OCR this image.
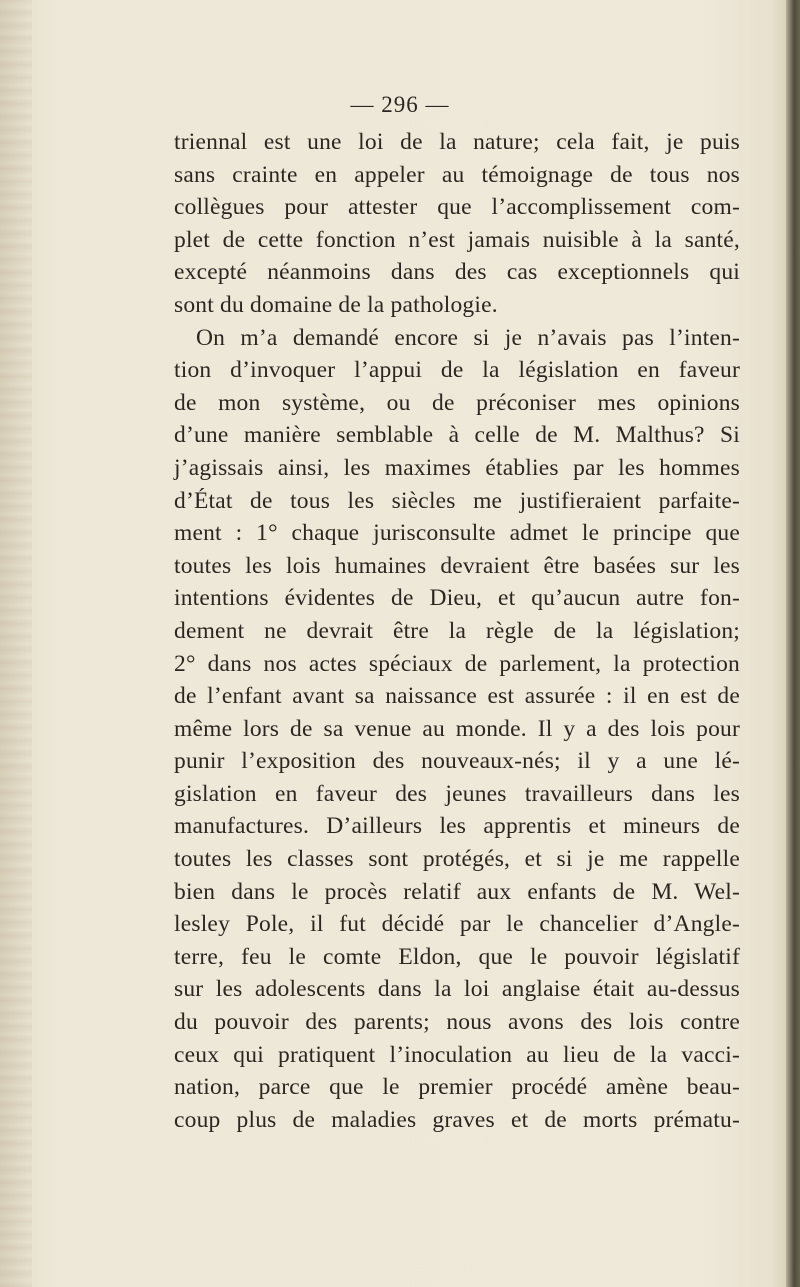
— 296 —
triennal est une loi de la nature; cela fait, je puis
sans crainte en appeler au témoignage de tous nos
collègues pour attester que l’accomplissement com-
plet de cette fonction n’est jamais nuisible à la santé,
excepté néanmoins dans des cas exceptionnels qui
sont du domaine de la pathologie.
On m’a demandé encore si je n’avais pas l’inten-
tion d’invoquer l’appui de la législation en faveur
de mon système, ou de préconiser mes opinions
d’une manière semblable à celle de M. Malthus? Si
j’agissais ainsi, les maximes établies par les hommes
d’État de tous les siècles me justifieraient parfaite-
ment : 1° chaque jurisconsulte admet le principe que
toutes les lois humaines devraient être basées sur les
intentions évidentes de Dieu, et qu’aucun autre fon-
dement ne devrait être la règle de la législation;
2° dans nos actes spéciaux de parlement, la protection
de l’enfant avant sa naissance est assurée : il en est de
même lors de sa venue au monde. Il y a des lois pour
punir l’exposition des nouveaux-nés; il y a une lé-
gislation en faveur des jeunes travailleurs dans les
manufactures. D’ailleurs les apprentis et mineurs de
toutes les classes sont protégés, et si je me rappelle
bien dans le procès relatif aux enfants de M. Wel-
lesley Pole, il fut décidé par le chancelier d’Angle-
terre, feu le comte Eldon, que le pouvoir législatif
sur les adolescents dans la loi anglaise était au-dessus
du pouvoir des parents; nous avons des lois contre
ceux qui pratiquent l’inoculation au lieu de la vacci-
nation, parce que le premier procédé amène beau-
coup plus de maladies graves et de morts prématu-
